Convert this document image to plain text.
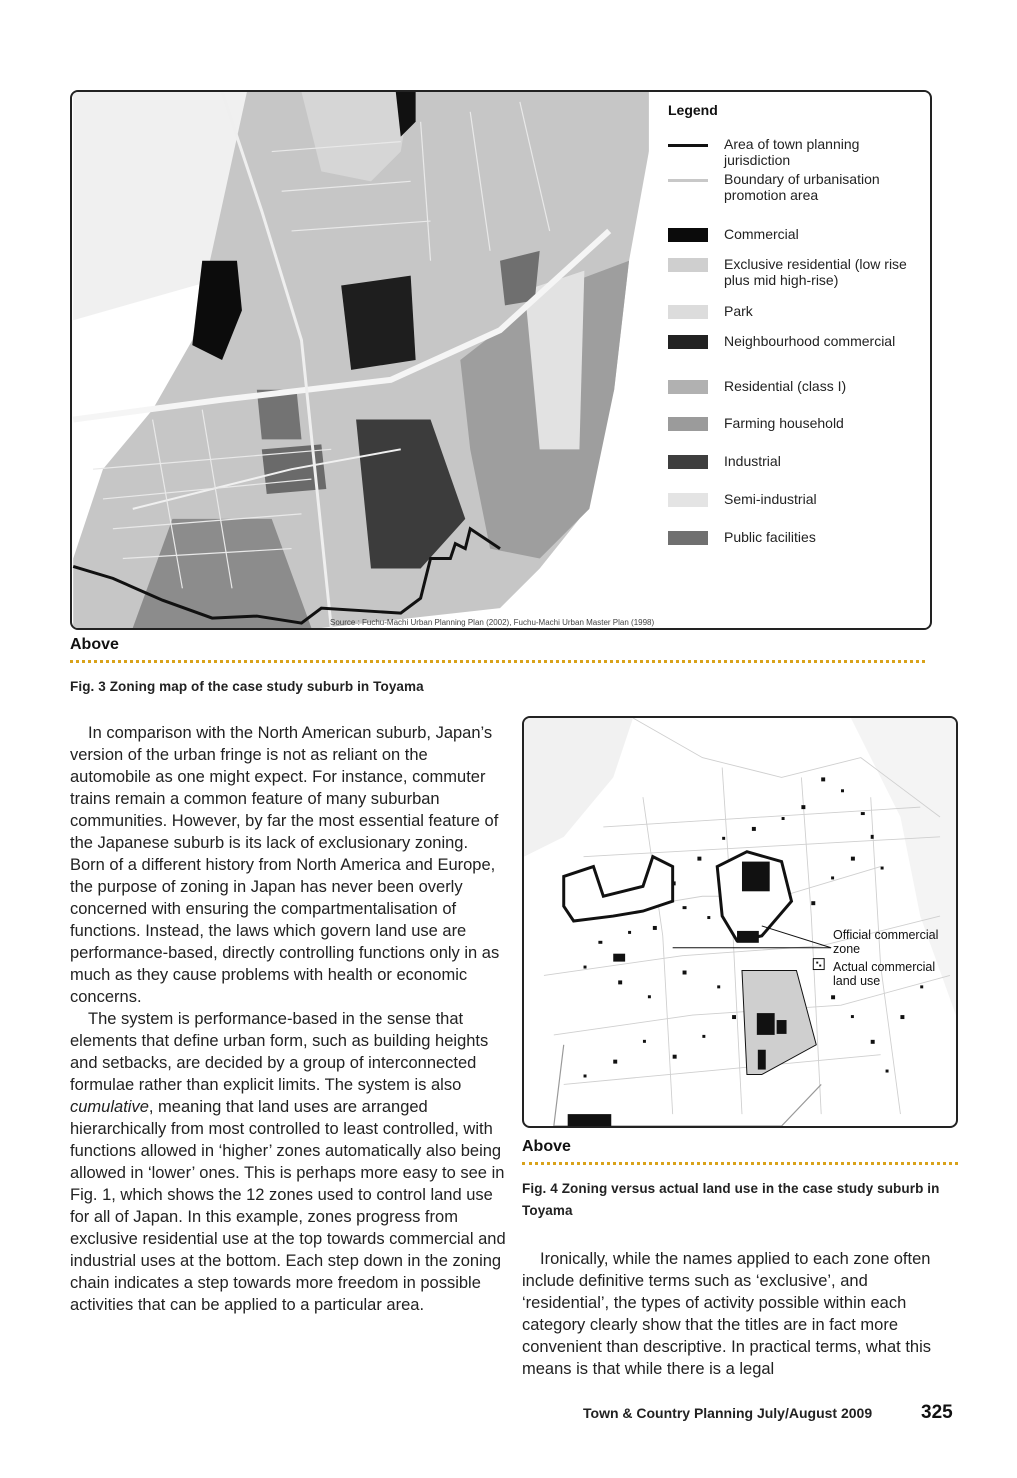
Legend
Area of town planning jurisdiction
Boundary of urbanisation promotion area
Commercial
Exclusive residential (low rise plus mid high-rise)
Park
Neighbourhood commercial
Residential (class I)
Farming household
Industrial
Semi-industrial
Public facilities
Source : Fuchu-Machi Urban Planning Plan (2002), Fuchu-Machi Urban Master Plan (1998)
Above
Fig. 3 Zoning map of the case study suburb in Toyama

In comparison with the North American suburb, Japan’s version of the urban fringe is not as reliant on the automobile as one might expect. For instance, commuter trains remain a common feature of many suburban communities. However, by far the most essential feature of the Japanese suburb is its lack of exclusionary zoning. Born of a different history from North America and Europe, the purpose of zoning in Japan has never been overly concerned with ensuring the compartmentalisation of functions. Instead, the laws which govern land use are performance-based, directly controlling functions only in as much as they cause problems with health or economic concerns.

The system is performance-based in the sense that elements that define urban form, such as building heights and setbacks, are decided by a group of interconnected formulae rather than explicit limits. The system is also cumulative, meaning that land uses are arranged hierarchically from most controlled to least controlled, with functions allowed in ‘higher’ zones automatically also being allowed in ‘lower’ ones. This is perhaps more easy to see in Fig. 1, which shows the 12 zones used to control land use for all of Japan. In this example, zones progress from exclusive residential use at the top towards commercial and industrial uses at the bottom. Each step down in the zoning chain indicates a step towards more freedom in possible activities that can be applied to a particular area.

Official commercial zone
Actual commercial land use
Above
Fig. 4 Zoning versus actual land use in the case study suburb in Toyama

Ironically, while the names applied to each zone often include definitive terms such as ‘exclusive’, and ‘residential’, the types of activity possible within each category clearly show that the titles are in fact more convenient than descriptive. In practical terms, what this means is that while there is a legal

Town & Country Planning July/August 2009	325
